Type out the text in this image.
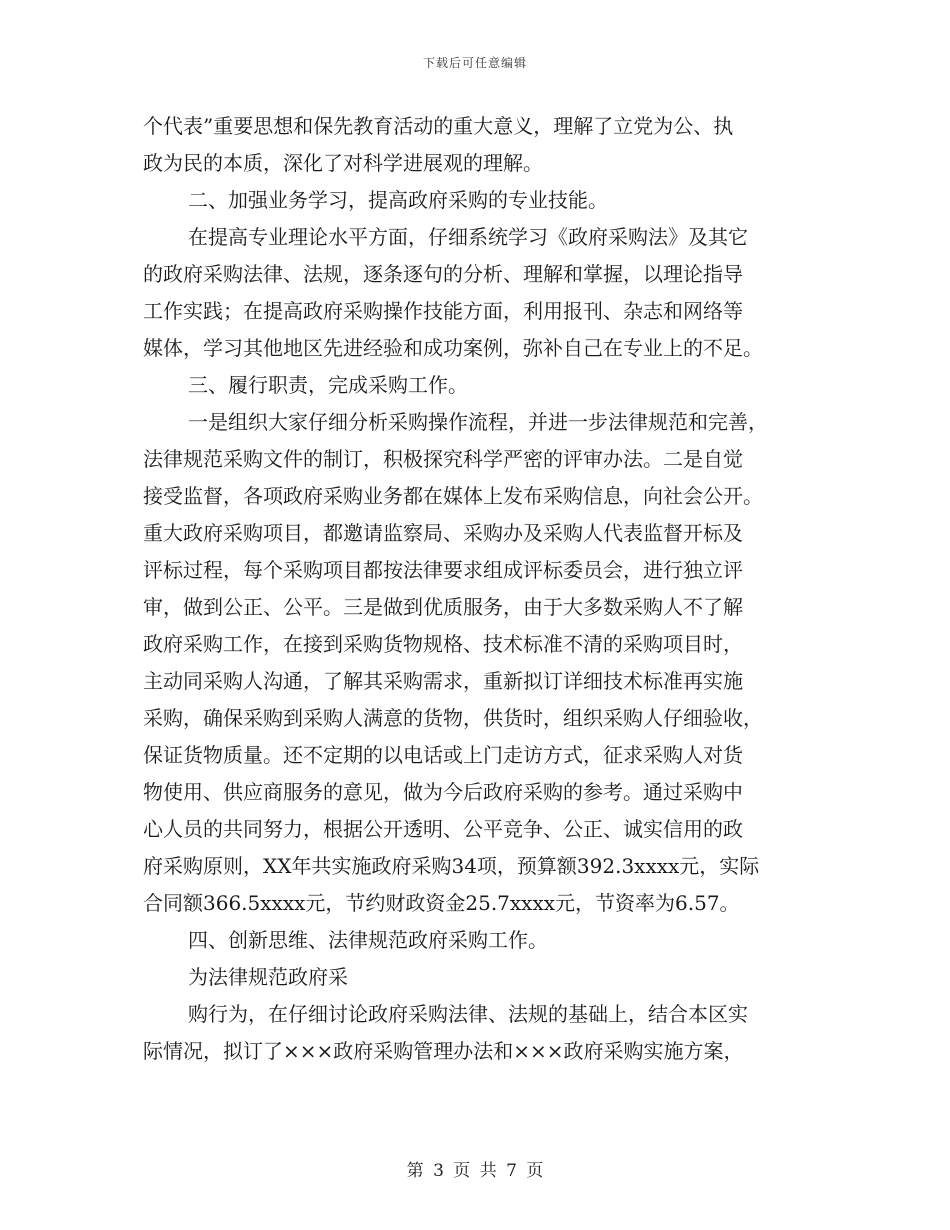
下载后可任意编辑
个代表”重要思想和保先教育活动的重大意义，理解了立党为公、执
政为民的本质，深化了对科学进展观的理解。
二、加强业务学习，提高政府采购的专业技能。
在提高专业理论水平方面，仔细系统学习《政府采购法》及其它
的政府采购法律、法规，逐条逐句的分析、理解和掌握，以理论指导
工作实践；在提高政府采购操作技能方面，利用报刊、杂志和网络等
媒体，学习其他地区先进经验和成功案例，弥补自己在专业上的不足。
三、履行职责，完成采购工作。
一是组织大家仔细分析采购操作流程，并进一步法律规范和完善，
法律规范采购文件的制订，积极探究科学严密的评审办法。二是自觉
接受监督，各项政府采购业务都在媒体上发布采购信息，向社会公开。
重大政府采购项目，都邀请监察局、采购办及采购人代表监督开标及
评标过程，每个采购项目都按法律要求组成评标委员会，进行独立评
审，做到公正、公平。三是做到优质服务，由于大多数采购人不了解
政府采购工作，在接到采购货物规格、技术标准不清的采购项目时，
主动同采购人沟通，了解其采购需求，重新拟订详细技术标准再实施
采购，确保采购到采购人满意的货物，供货时，组织采购人仔细验收，
保证货物质量。还不定期的以电话或上门走访方式，征求采购人对货
物使用、供应商服务的意见，做为今后政府采购的参考。通过采购中
心人员的共同努力，根据公开透明、公平竞争、公正、诚实信用的政
府采购原则，XX年共实施政府采购34项，预算额392.3xxxx元，实际
合同额366.5xxxx元，节约财政资金25.7xxxx元，节资率为6.57。
四、创新思维、法律规范政府采购工作。
为法律规范政府采
购行为，在仔细讨论政府采购法律、法规的基础上，结合本区实
际情况，拟订了×××政府采购管理办法和×××政府采购实施方案，
第 3 页 共 7 页
